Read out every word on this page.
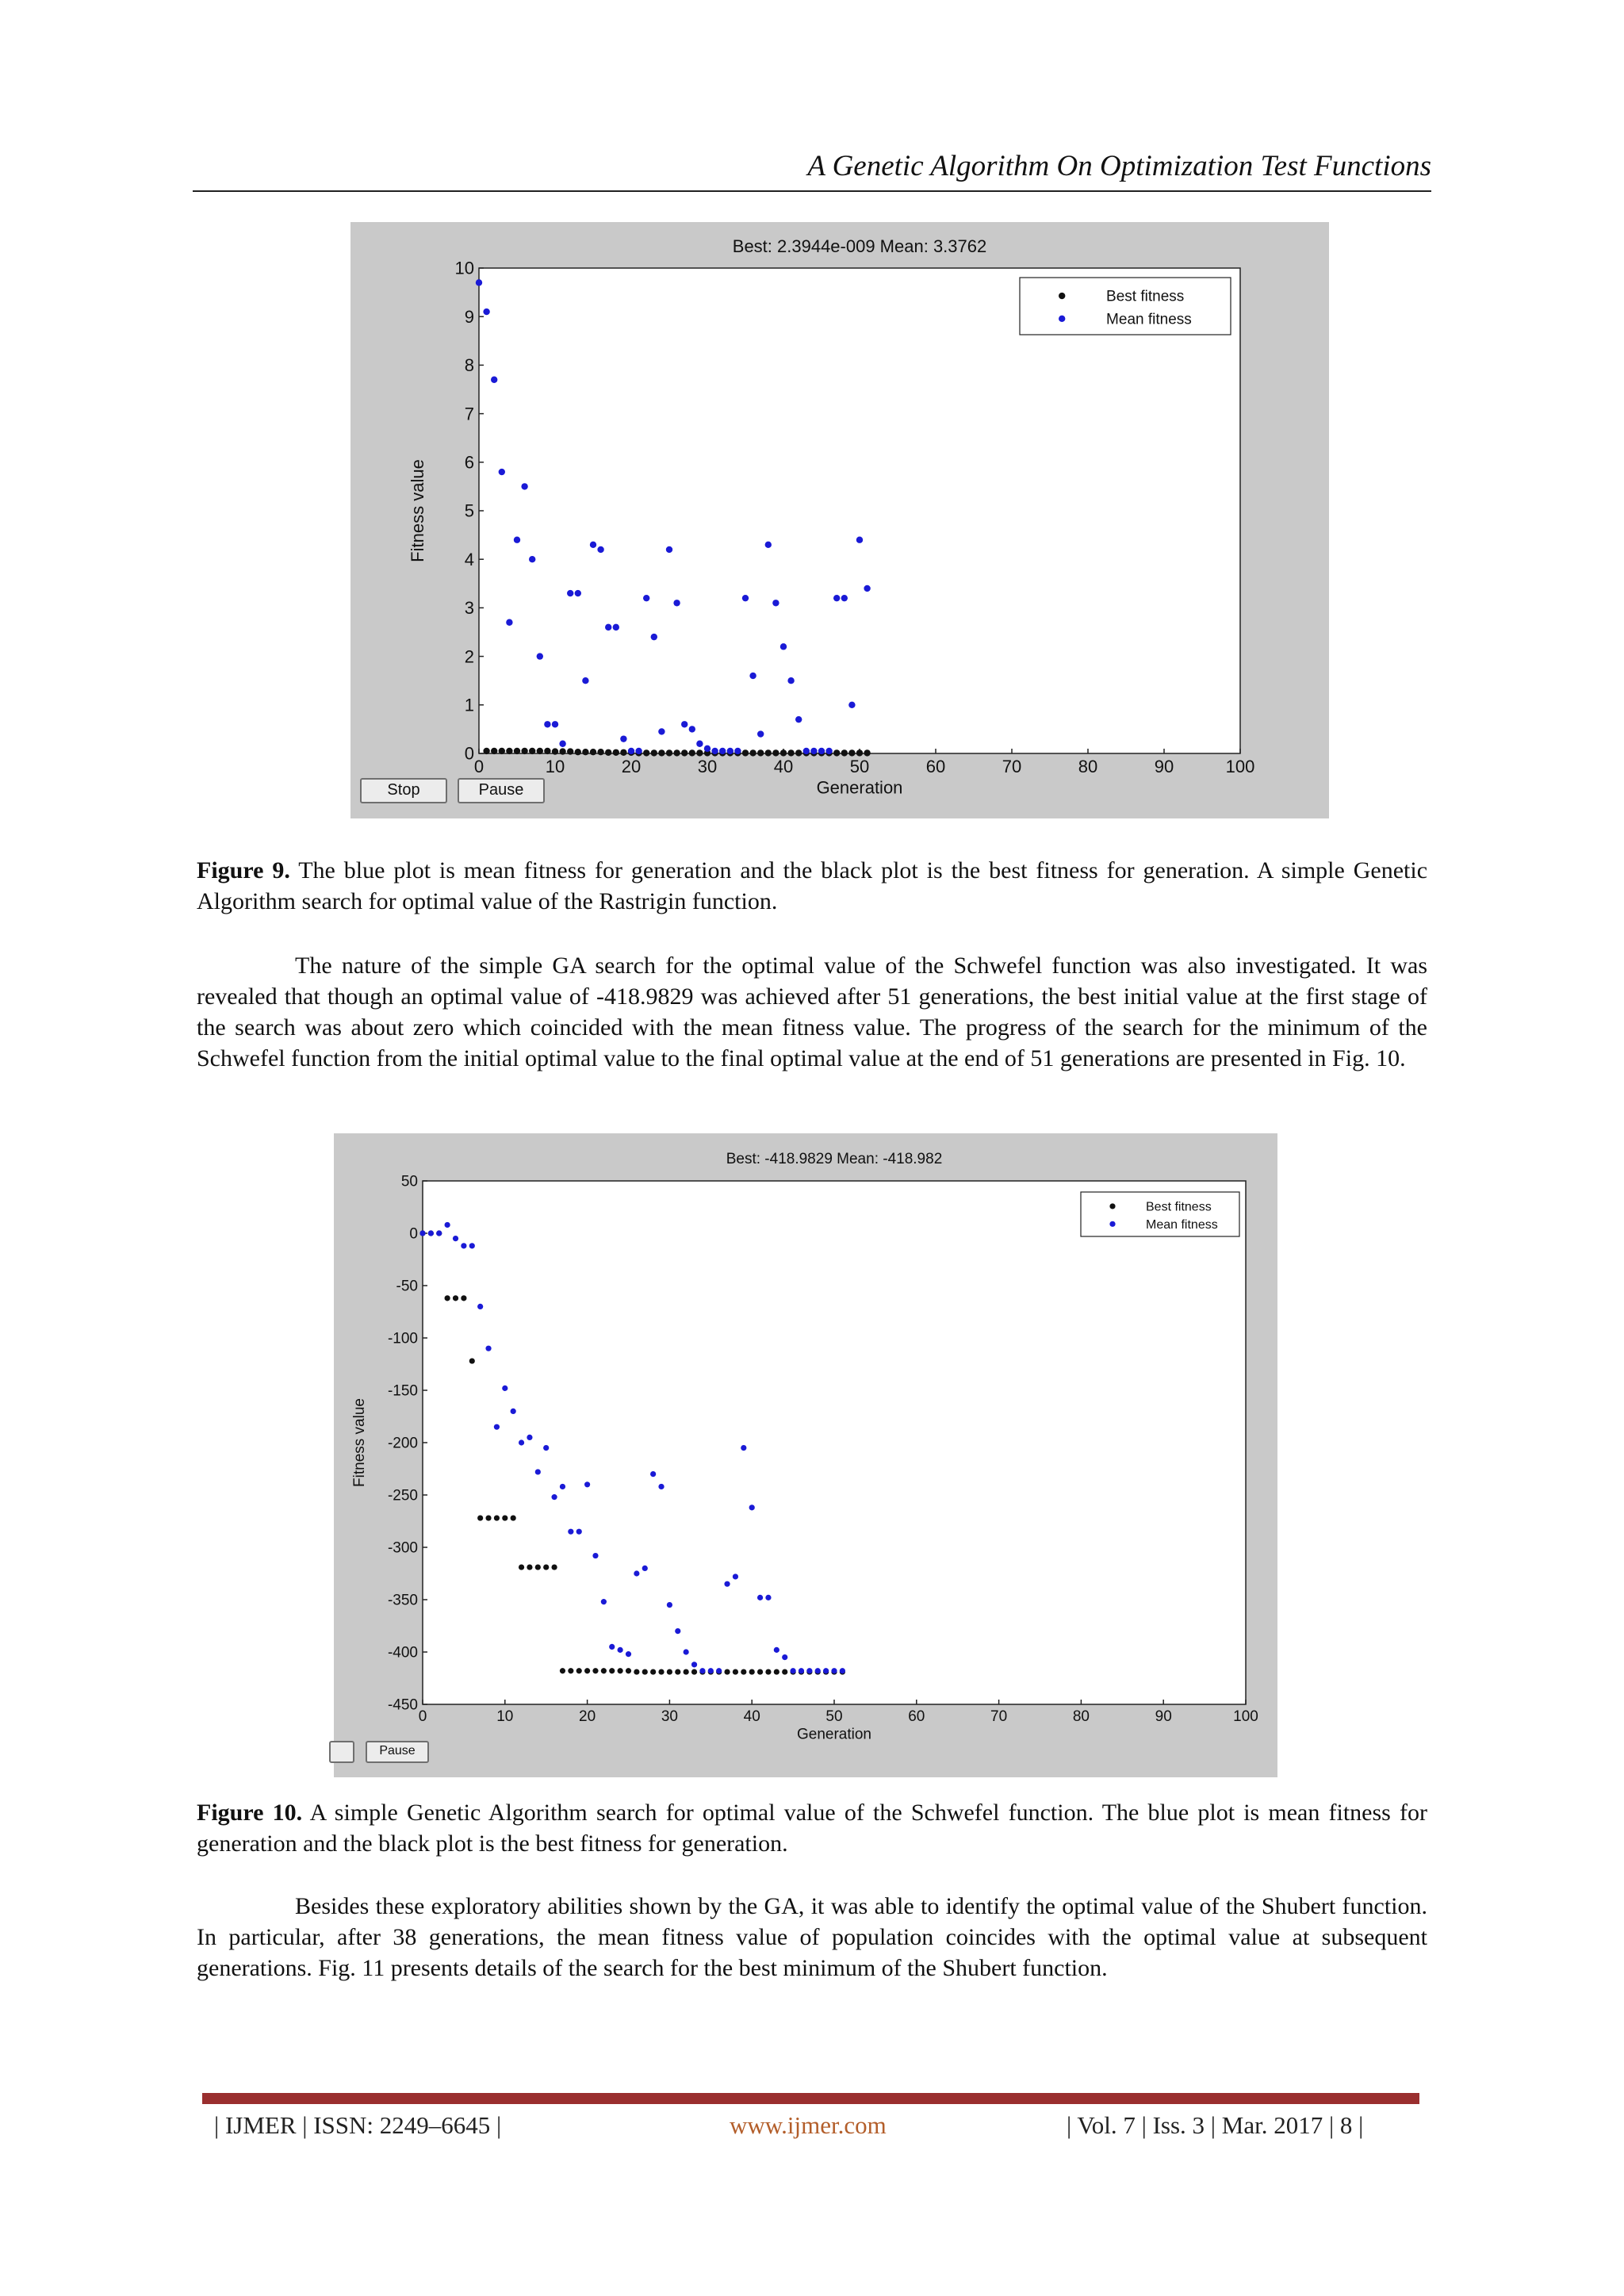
A Genetic Algorithm On Optimization Test Functions
Best: 2.3944e-009 Mean: 3.3762
0	10	20	30	40	50	60	70	80	90	100
0
1
2
3
4
5
6
7
8
9
10
Generation
Fitness value
Best fitness
Mean fitness
Stop	Pause

Figure 9. The blue plot is mean fitness for generation and the black plot is the best fitness for generation. A simple Genetic Algorithm search for optimal value of the Rastrigin function.

The nature of the simple GA search for the optimal value of the Schwefel function was also investigated. It was revealed that though an optimal value of -418.9829 was achieved after 51 generations, the best initial value at the first stage of the search was about zero which coincided with the mean fitness value. The progress of the search for the minimum of the Schwefel function from the initial optimal value to the final optimal value at the end of 51 generations are presented in Fig. 10.

Best: -418.9829 Mean: -418.982
0	10	20	30	40	50	60	70	80	90	100
50
0
-50
-100
-150
-200
-250
-300
-350
-400
-450
Generation
Fitness value
Best fitness
Mean fitness
Pause

Figure 10. A simple Genetic Algorithm search for optimal value of the Schwefel function. The blue plot is mean fitness for generation and the black plot is the best fitness for generation.

Besides these exploratory abilities shown by the GA, it was able to identify the optimal value of the Shubert function. In particular, after 38 generations, the mean fitness value of population coincides with the optimal value at subsequent generations. Fig. 11 presents details of the search for the best minimum of the Shubert function.

| IJMER | ISSN: 2249–6645 |	www.ijmer.com	| Vol. 7 | Iss. 3 | Mar. 2017 | 8 |
